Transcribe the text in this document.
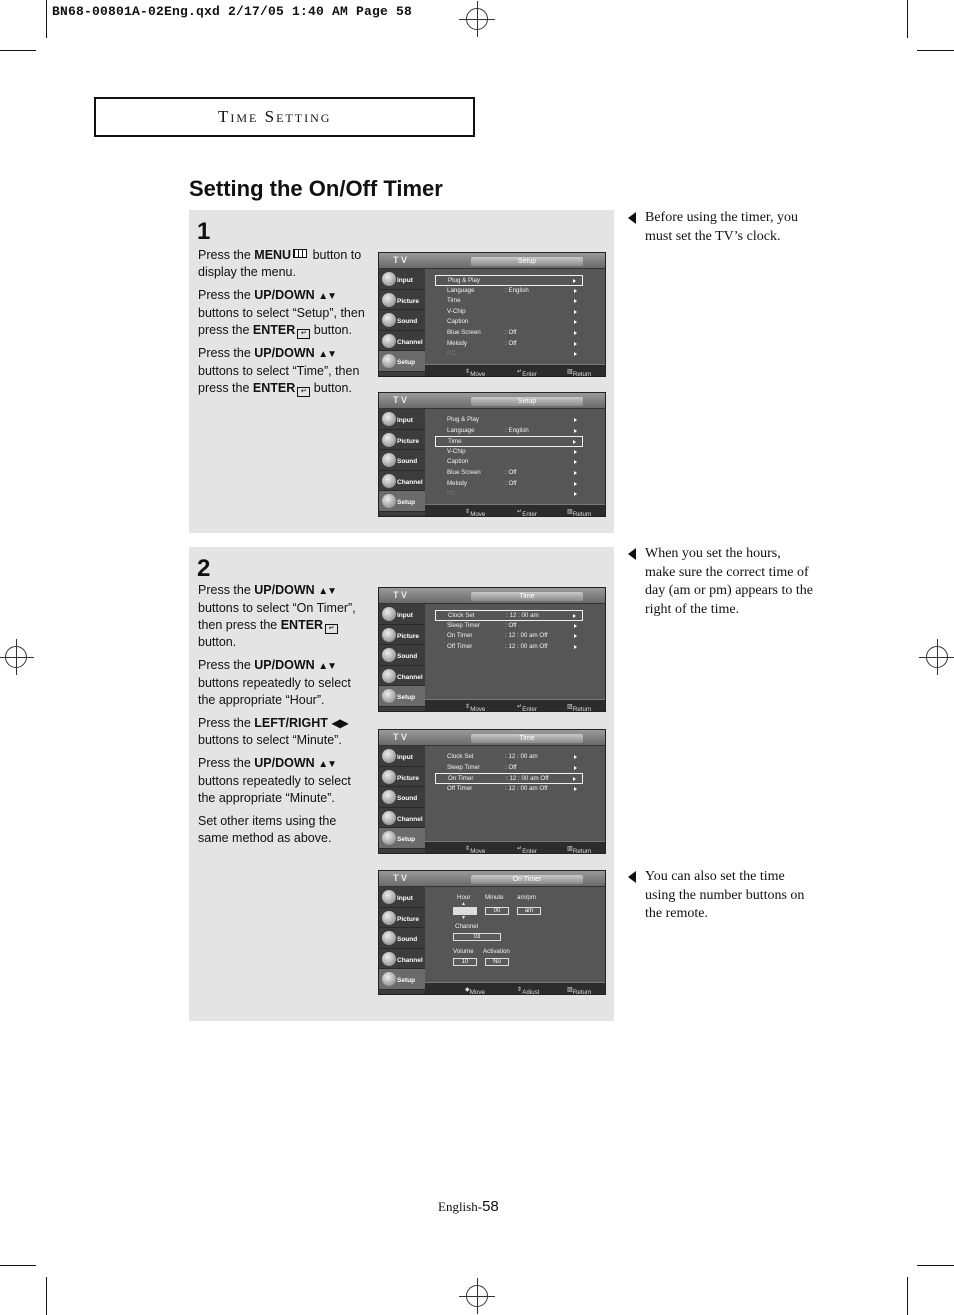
BN68-00801A-02Eng.qxd 2/17/05 1:40 AM Page 58
Time Setting
Setting the On/Off Timer
1

Press the MENU button to display the menu.

Press the UP/DOWN ▲▼ buttons to select “Setup”, then press the ENTER ↵ button.

Press the UP/DOWN ▲▼ buttons to select “Time”, then press the ENTER ↵ button.

T V	Setup
Input
Picture
Sound
Channel
Setup
Plug & Play
Language	: English
Time
V-Chip
Caption
Blue Screen	: Off
Melody	: Off
PC
⇕ Move	↵ Enter	▥ Return
T V	Setup
Input
Picture
Sound
Channel
Setup
Plug & Play
Language	: English
Time
V-Chip
Caption
Blue Screen	: Off
Melody	: Off
PC
⇕ Move	↵ Enter	▥ Return
2

Press the UP/DOWN ▲▼ buttons to select “On Timer”, then press the ENTER ↵ button.

Press the UP/DOWN ▲▼ buttons repeatedly to select the appropriate “Hour”.

Press the LEFT/RIGHT ◀▶ buttons to select “Minute”.

Press the UP/DOWN ▲▼ buttons repeatedly to select the appropriate “Minute”.

Set other items using the same method as above.

T V	Time
Input
Picture
Sound
Channel
Setup
Clock Set	: 12 : 00 am
Sleep Timer	: Off
On Timer	: 12 : 00 am Off
Off Timer	: 12 : 00 am Off
⇕ Move	↵ Enter	▥ Return
T V	Time
Input
Picture
Sound
Channel
Setup
Clock Set	: 12 : 00 am
Sleep Timer	: Off
On Timer	: 12 : 00 am Off
Off Timer	: 12 : 00 am Off
⇕ Move	↵ Enter	▥ Return
T V	On Timer
Input
Picture
Sound
Channel
Setup
Hour Minute am/pm
▲
00	am
▼
Channel
03
Volume Activation
10	No
◆ Move	⇕ Adjust	▥ Return
Before using the timer, you must set the TV’s clock.
When you set the hours, make sure the correct time of day (am or pm) appears to the right of the time.
You can also set the time using the number buttons on the remote.
English-58
